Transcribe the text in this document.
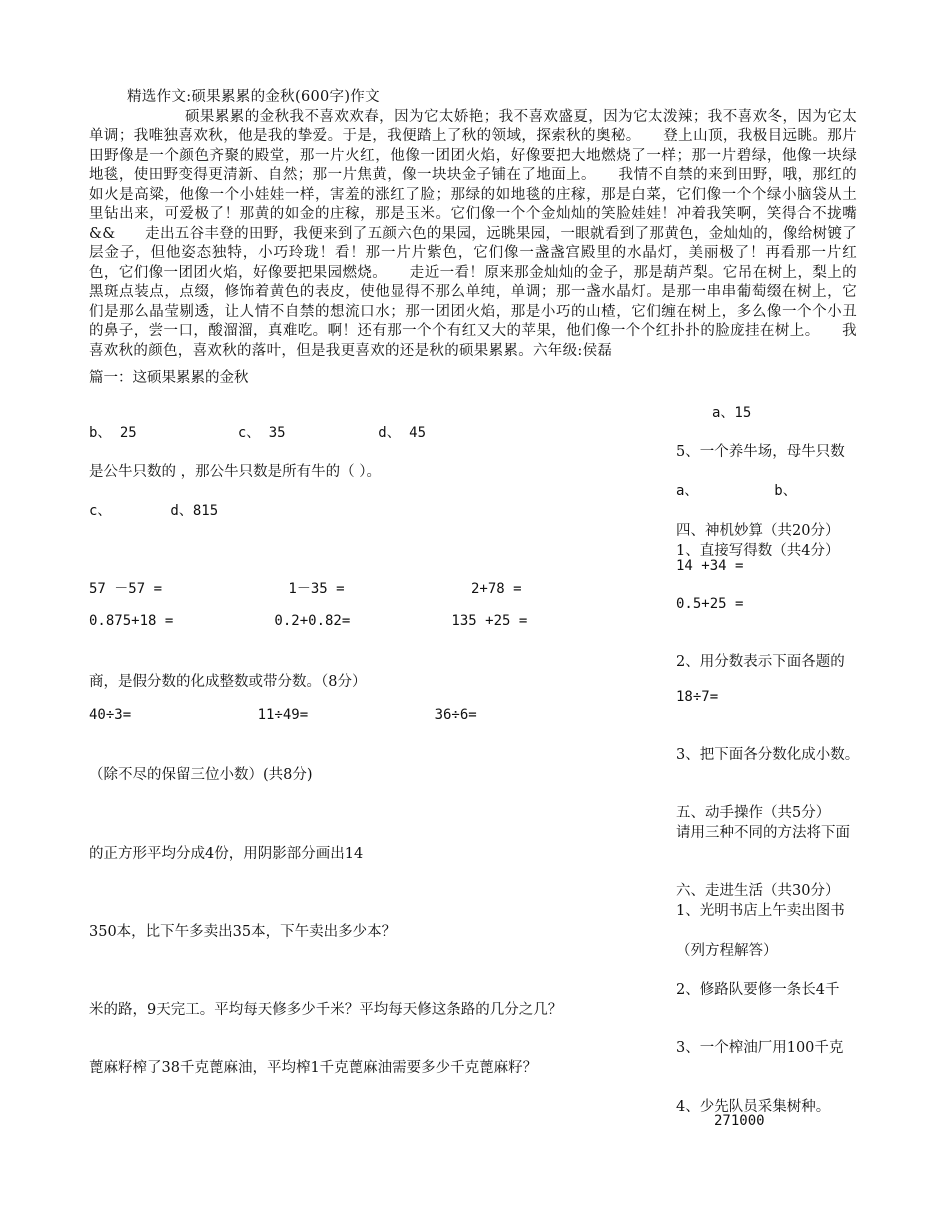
精选作文:硕果累累的金秋(600字)作文

硕果累累的金秋我不喜欢欢春，因为它太娇艳；我不喜欢盛夏，因为它太泼辣；我不喜欢冬，因为它太单调；我唯独喜欢秋，他是我的挚爱。于是，我便踏上了秋的领域，探索秋的奥秘。　　登上山顶，我极目远眺。那片田野像是一个颜色齐聚的殿堂，那一片火红，他像一团团火焰，好像要把大地燃烧了一样；那一片碧绿，他像一块绿地毯，使田野变得更清新、自然；那一片焦黄，像一块块金子铺在了地面上。　　我情不自禁的来到田野，哦，那红的如火是高粱，他像一个小娃娃一样，害羞的涨红了脸；那绿的如地毯的庄稼，那是白菜，它们像一个个绿小脑袋从土里钻出来，可爱极了！那黄的如金的庄稼，那是玉米。它们像一个个金灿灿的笑脸娃娃！冲着我笑啊，笑得合不拢嘴&&　　走出五谷丰登的田野，我便来到了五颜六色的果园，远眺果园，一眼就看到了那黄色，金灿灿的，像给树镀了层金子，但他姿态独特，小巧玲珑！看！那一片片紫色，它们像一盏盏宫殿里的水晶灯，美丽极了！再看那一片红色，它们像一团团火焰，好像要把果园燃烧。　　走近一看！原来那金灿灿的金子，那是葫芦梨。它吊在树上，梨上的黑斑点装点，点缀，修饰着黄色的表皮，使他显得不那么单纯，单调；那一盏水晶灯。是那一串串葡萄缀在树上，它们是那么晶莹剔透，让人情不自禁的想流口水；那一团团火焰，那是小巧的山楂，它们缠在树上，多么像一个个小丑的鼻子，尝一口，酸溜溜，真难吃。啊！还有那一个个有红又大的苹果，他们像一个个红扑扑的脸庞挂在树上。　　我喜欢秋的颜色，喜欢秋的落叶，但是我更喜欢的还是秋的硕果累累。六年级:侯磊

篇一：这硕果累累的金秋
a、15
5、一个养牛场，母牛只数
a、         b、
四、神机妙算（共20分）
1、直接写得数（共4分）
14 +34 =
0.5+25 =
2、用分数表示下面各题的
18÷7=
3、把下面各分数化成小数。
五、动手操作（共5分）
请用三种不同的方法将下面
六、走进生活（共30分）
1、光明书店上午卖出图书
（列方程解答）
2、修路队要修一条长4千
3、一个榨油厂用100千克
4、少先队员采集树种。
271000
b、 25            c、 35           d、 45
是公牛只数的 ，那公牛只数是所有牛的（ ）。
c、       d、815
57 －57 =               1－35 =               2+78 =
0.875+18 =            0.2+0.82=            135 +25 =
商，是假分数的化成整数或带分数。（8分）
40÷3=               11÷49=               36÷6=
（除不尽的保留三位小数）(共8分)
的正方形平均分成4份，用阴影部分画出14
350本，比下午多卖出35本，下午卖出多少本？
米的路，9天完工。平均每天修多少千米？平均每天修这条路的几分之几？
蓖麻籽榨了38千克蓖麻油，平均榨1千克蓖麻油需要多少千克蓖麻籽？
